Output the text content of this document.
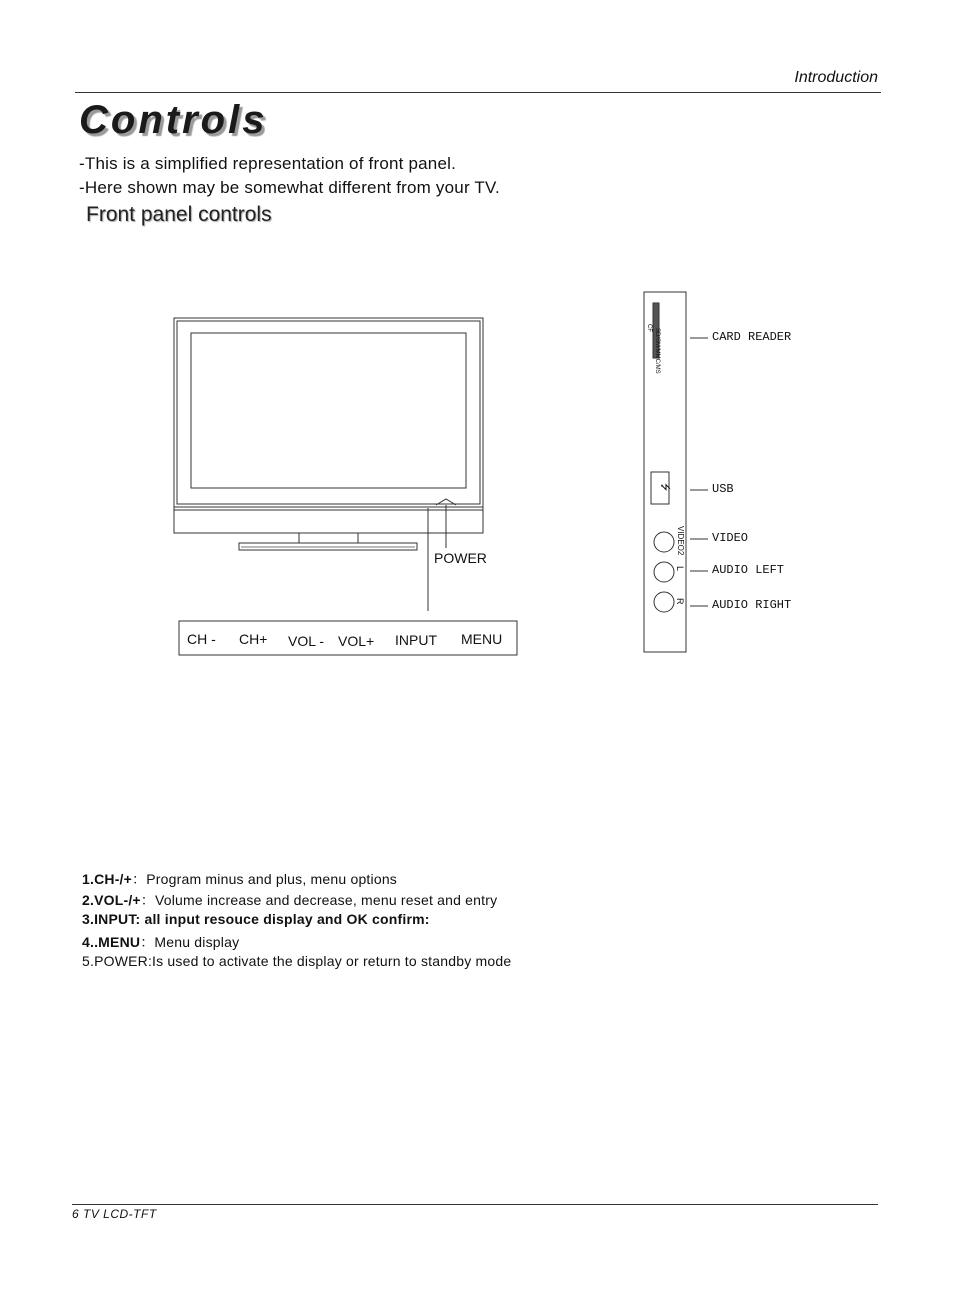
Introduction
Controls
-This is a simplified representation of front panel.
-Here shown may be somewhat different from your TV.
Front panel controls
POWER
CH - CH+ VOL - VOL+ INPUT MENU
SD/SM/MMC/MS
CF
⭍
VIDEO2
L
R
CARD READER
USB
VIDEO
AUDIO LEFT
AUDIO RIGHT
1.CH-/+：Program minus and plus, menu options
2.VOL-/+：Volume increase and decrease, menu reset and entry
3.INPUT: all input resouce display and OK confirm:
4..MENU：Menu display
5.POWER:Is used to activate the display or return to standby mode
6 TV LCD-TFT
